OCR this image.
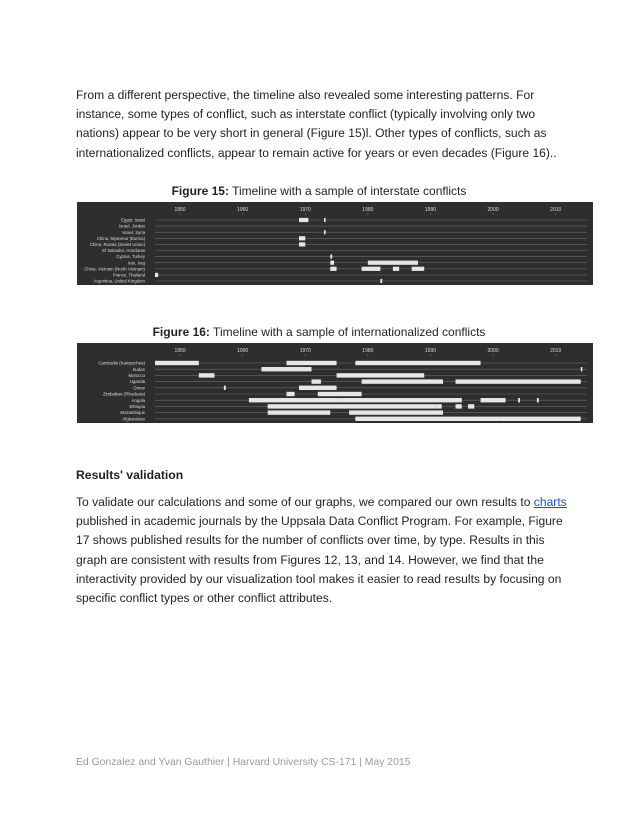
From a different perspective, the timeline also revealed some interesting patterns. For instance, some types of conflict, such as interstate conflict (typically involving only two nations) appear to be very short in general (Figure 15)l. Other types of conflicts, such as internationalized conflicts, appear to remain active for years or even decades (Figure 16)..

Figure 15: Timeline with a sample of interstate conflicts
1950	1960	1970	1980	1990	2000	2010
Egypt, Israel
Israel, Jordan
Israel, Syria
China, Myanmar (Burma)
China, Russia (Soviet Union)
El Salvador, Honduras
Cyprus, Turkey
Iran, Iraq
China, Vietnam (North Vietnam)
France, Thailand
Argentina, United Kingdom
Figure 16: Timeline with a sample of internationalized conflicts
1950	1960	1970	1980	1990	2000	2010
Cambodia (Kampuchea)
Sudan
Morocco
Uganda
Oman
Zimbabwe (Rhodesia)
Angola
Ethiopia
Mozambique
Afghanistan

Results' validation

To validate our calculations and some of our graphs, we compared our own results to charts published in academic journals by the Uppsala Data Conflict Program. For example, Figure 17 shows published results for the number of conflicts over time, by type. Results in this graph are consistent with results from Figures 12, 13, and 14. However, we find that the interactivity provided by our visualization tool makes it easier to read results by focusing on specific conflict types or other conflict attributes.

Ed Gonzalez and Yvan Gauthier | Harvard University CS-171 | May 2015
